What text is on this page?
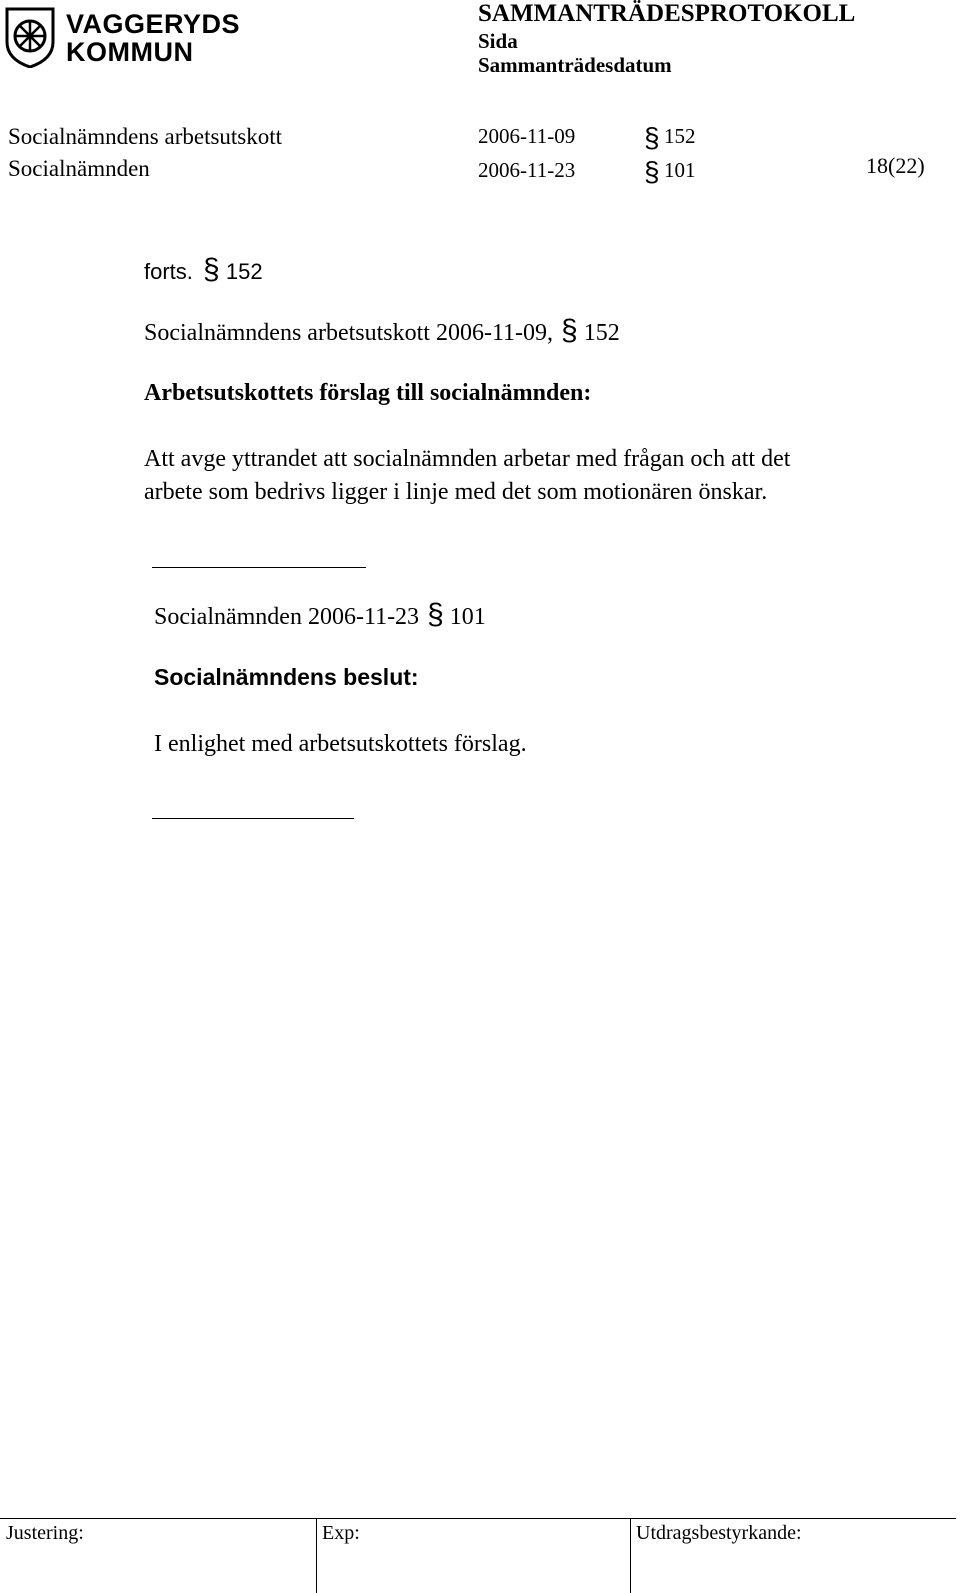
VAGGERYDS
KOMMUN
SAMMANTRÄDESPROTOKOLL
Sida
Sammanträdesdatum
Socialnämndens arbetsutskott	2006-11-09 § 152
Socialnämnden	2006-11-23 § 101	18(22)
forts. § 152
Socialnämndens arbetsutskott 2006-11-09, § 152
Arbetsutskottets förslag till socialnämnden:
Att avge yttrandet att socialnämnden arbetar med frågan och att det
arbete som bedrivs ligger i linje med det som motionären önskar.
Socialnämnden 2006-11-23 § 101
Socialnämndens beslut:
I enlighet med arbetsutskottets förslag.
Justering:	Exp:	Utdragsbestyrkande:
